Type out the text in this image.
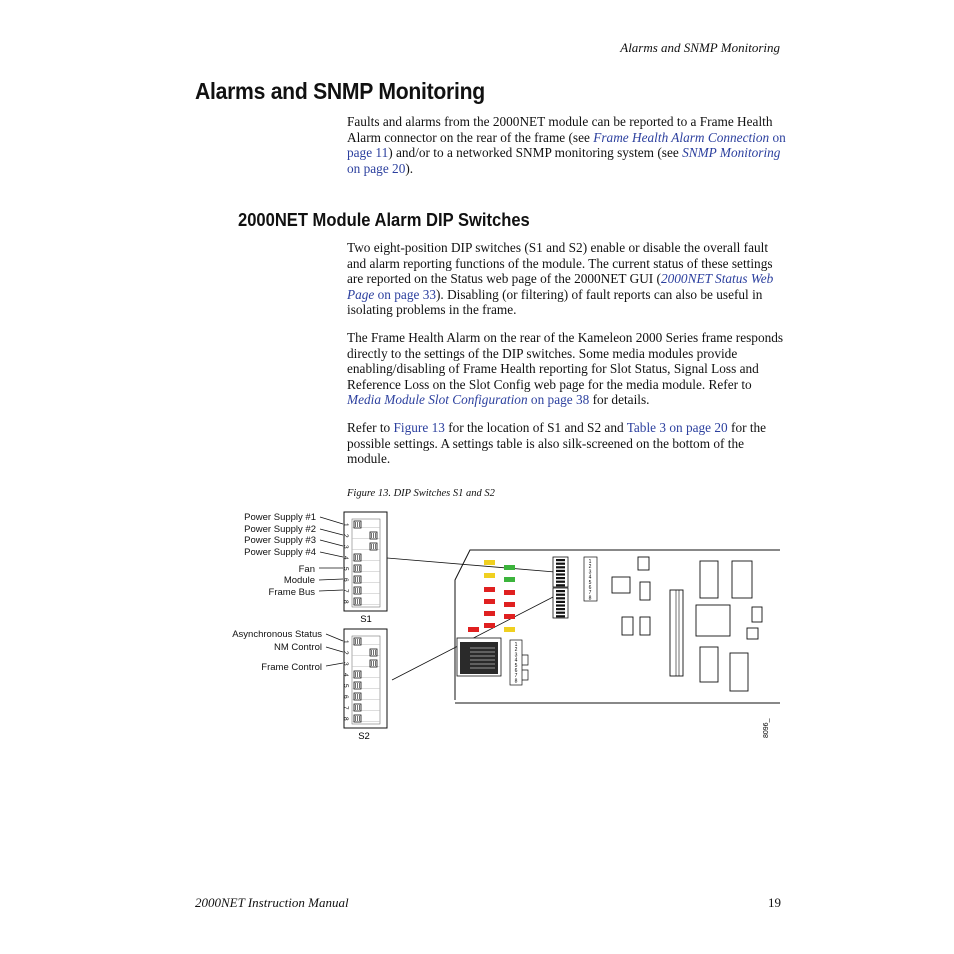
Alarms and SNMP Monitoring
Alarms and SNMP Monitoring

Faults and alarms from the 2000NET module can be reported to a Frame Health Alarm connector on the rear of the frame (see Frame Health Alarm Connection on page 11) and/or to a networked SNMP monitoring system (see SNMP Monitoring on page 20).

2000NET Module Alarm DIP Switches

Two eight-position DIP switches (S1 and S2) enable or disable the overall fault and alarm reporting functions of the module. The current status of these settings are reported on the Status web page of the 2000NET GUI (2000NET Status Web Page on page 33). Disabling (or filtering) of fault reports can also be useful in isolating problems in the frame.

The Frame Health Alarm on the rear of the Kameleon 2000 Series frame responds directly to the settings of the DIP switches. Some media modules provide enabling/disabling of Frame Health reporting for Slot Status, Signal Loss and Reference Loss on the Slot Config web page for the media module. Refer to Media Module Slot Configuration on page 38 for details.

Refer to Figure 13 for the location of S1 and S2 and Table 3 on page 20 for the possible settings. A settings table is also silk-screened on the bottom of the module.

Figure 13. DIP Switches S1 and S2
Power Supply #1
Power Supply #2
Power Supply #3
Power Supply #4
Fan
Module
Frame Bus
1
2
3
4
5
6
7
8
S1
Asynchronous Status
NM Control
Frame Control
1
2
3
4
5
6
7
8
S2
1
2
3
4
5
6
7
8
1
2
3
4
5
6
7
8
8096_
2000NET Instruction Manual	19
